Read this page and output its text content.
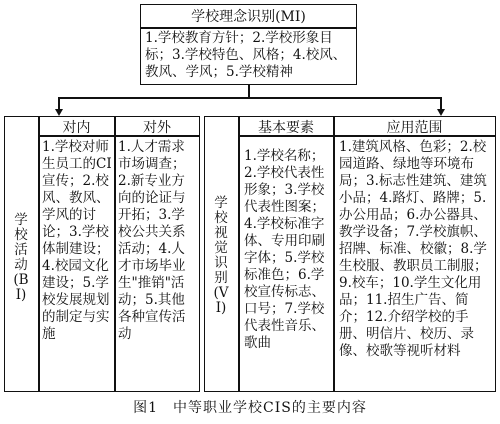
学校理念识别(MI)
1.学校教育方针；2.学校形象目标；3.学校特色、风格；4.校风、教风、学风；5.学校精神
学校活动(BI)
对内
1.学校对师生员工的CI宣传；2.校风、教风、学风的讨论；3.学校体制建设；4.校园文化建设；5.学校发展规划的制定与实施
对外
1.人才需求市场调查；2.新专业方向的论证与开拓；3.学校公共关系活动；4.人才市场毕业生"推销"活动；5.其他各种宣传活动
学校视觉识别(VI)
基本要素
1.学校名称；2.学校代表性形象；3.学校代表性图案；4.学校标准字体、专用印刷字体；5.学校标准色；6.学校宣传标志、口号；7.学校代表性音乐、歌曲
应用范围
1.建筑风格、色彩；2.校园道路、绿地等环境布局；3.标志性建筑、建筑小品；4.路灯、路牌；5.办公用品；6.办公器具、教学设备；7.学校旗帜、招牌、标准、校徽；8.学生校服、教职员工制服；9.校车；10.学生文化用品；11.招生广告、简介；12.介绍学校的手册、明信片、校历、录像、校歌等视听材料
图1　中等职业学校CIS的主要内容
